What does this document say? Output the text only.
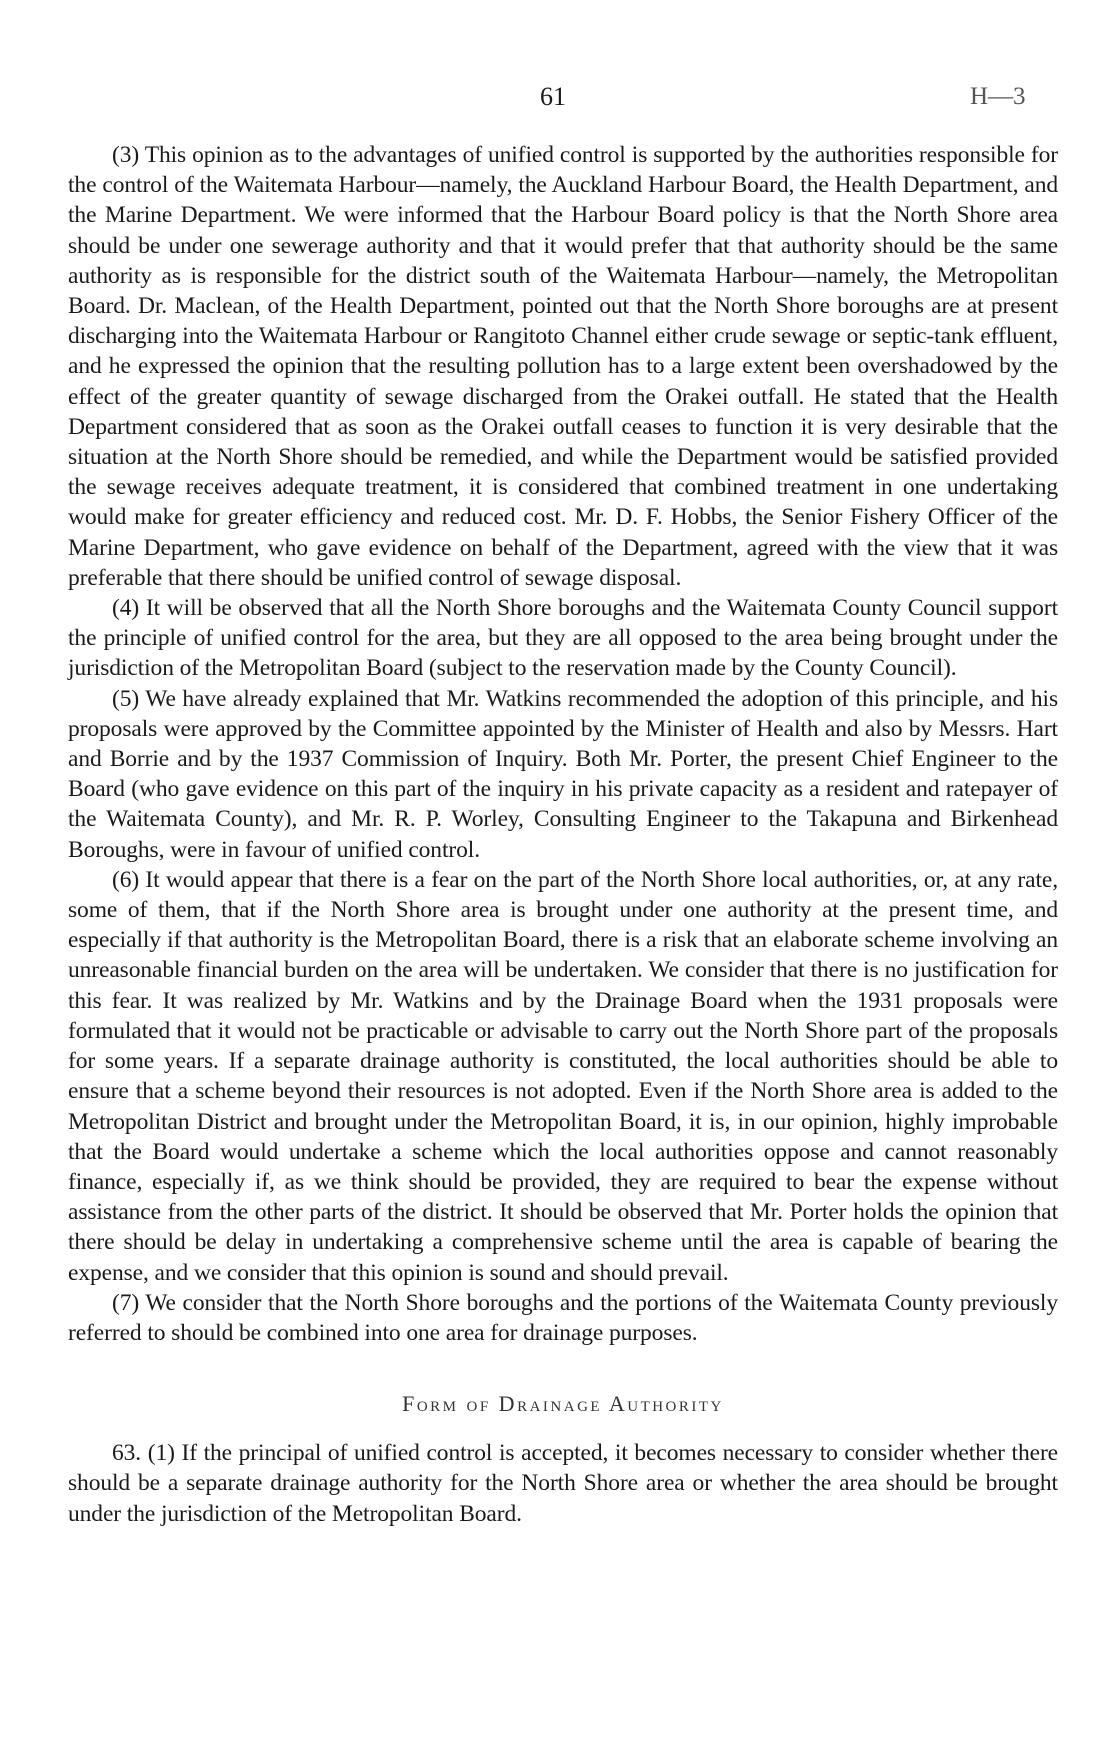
61	H—3

(3) This opinion as to the advantages of unified control is supported by the authorities responsible for the control of the Waitemata Harbour—namely, the Auckland Harbour Board, the Health Department, and the Marine Department. We were informed that the Harbour Board policy is that the North Shore area should be under one sewerage authority and that it would prefer that that authority should be the same authority as is responsible for the district south of the Waitemata Harbour—namely, the Metropolitan Board. Dr. Maclean, of the Health Department, pointed out that the North Shore boroughs are at present discharging into the Waitemata Harbour or Rangitoto Channel either crude sewage or septic-tank effluent, and he expressed the opinion that the resulting pollution has to a large extent been overshadowed by the effect of the greater quantity of sewage discharged from the Orakei outfall. He stated that the Health Department considered that as soon as the Orakei outfall ceases to function it is very desirable that the situation at the North Shore should be remedied, and while the Department would be satisfied provided the sewage receives adequate treatment, it is considered that combined treatment in one undertaking would make for greater efficiency and reduced cost. Mr. D. F. Hobbs, the Senior Fishery Officer of the Marine Department, who gave evidence on behalf of the Department, agreed with the view that it was preferable that there should be unified control of sewage disposal.

(4) It will be observed that all the North Shore boroughs and the Waitemata County Council support the principle of unified control for the area, but they are all opposed to the area being brought under the jurisdiction of the Metropolitan Board (subject to the reservation made by the County Council).

(5) We have already explained that Mr. Watkins recommended the adoption of this principle, and his proposals were approved by the Committee appointed by the Minister of Health and also by Messrs. Hart and Borrie and by the 1937 Commission of Inquiry. Both Mr. Porter, the present Chief Engineer to the Board (who gave evidence on this part of the inquiry in his private capacity as a resident and ratepayer of the Waitemata County), and Mr. R. P. Worley, Consulting Engineer to the Takapuna and Birkenhead Boroughs, were in favour of unified control.

(6) It would appear that there is a fear on the part of the North Shore local authorities, or, at any rate, some of them, that if the North Shore area is brought under one authority at the present time, and especially if that authority is the Metropolitan Board, there is a risk that an elaborate scheme involving an unreasonable financial burden on the area will be undertaken. We consider that there is no justification for this fear. It was realized by Mr. Watkins and by the Drainage Board when the 1931 proposals were formulated that it would not be practicable or advisable to carry out the North Shore part of the proposals for some years. If a separate drainage authority is constituted, the local authorities should be able to ensure that a scheme beyond their resources is not adopted. Even if the North Shore area is added to the Metropolitan District and brought under the Metropolitan Board, it is, in our opinion, highly improbable that the Board would undertake a scheme which the local authorities oppose and cannot reasonably finance, especially if, as we think should be provided, they are required to bear the expense without assistance from the other parts of the district. It should be observed that Mr. Porter holds the opinion that there should be delay in undertaking a comprehensive scheme until the area is capable of bearing the expense, and we consider that this opinion is sound and should prevail.

(7) We consider that the North Shore boroughs and the portions of the Waitemata County previously referred to should be combined into one area for drainage purposes.

Form of Drainage Authority

63. (1) If the principal of unified control is accepted, it becomes necessary to consider whether there should be a separate drainage authority for the North Shore area or whether the area should be brought under the jurisdiction of the Metropolitan Board.
